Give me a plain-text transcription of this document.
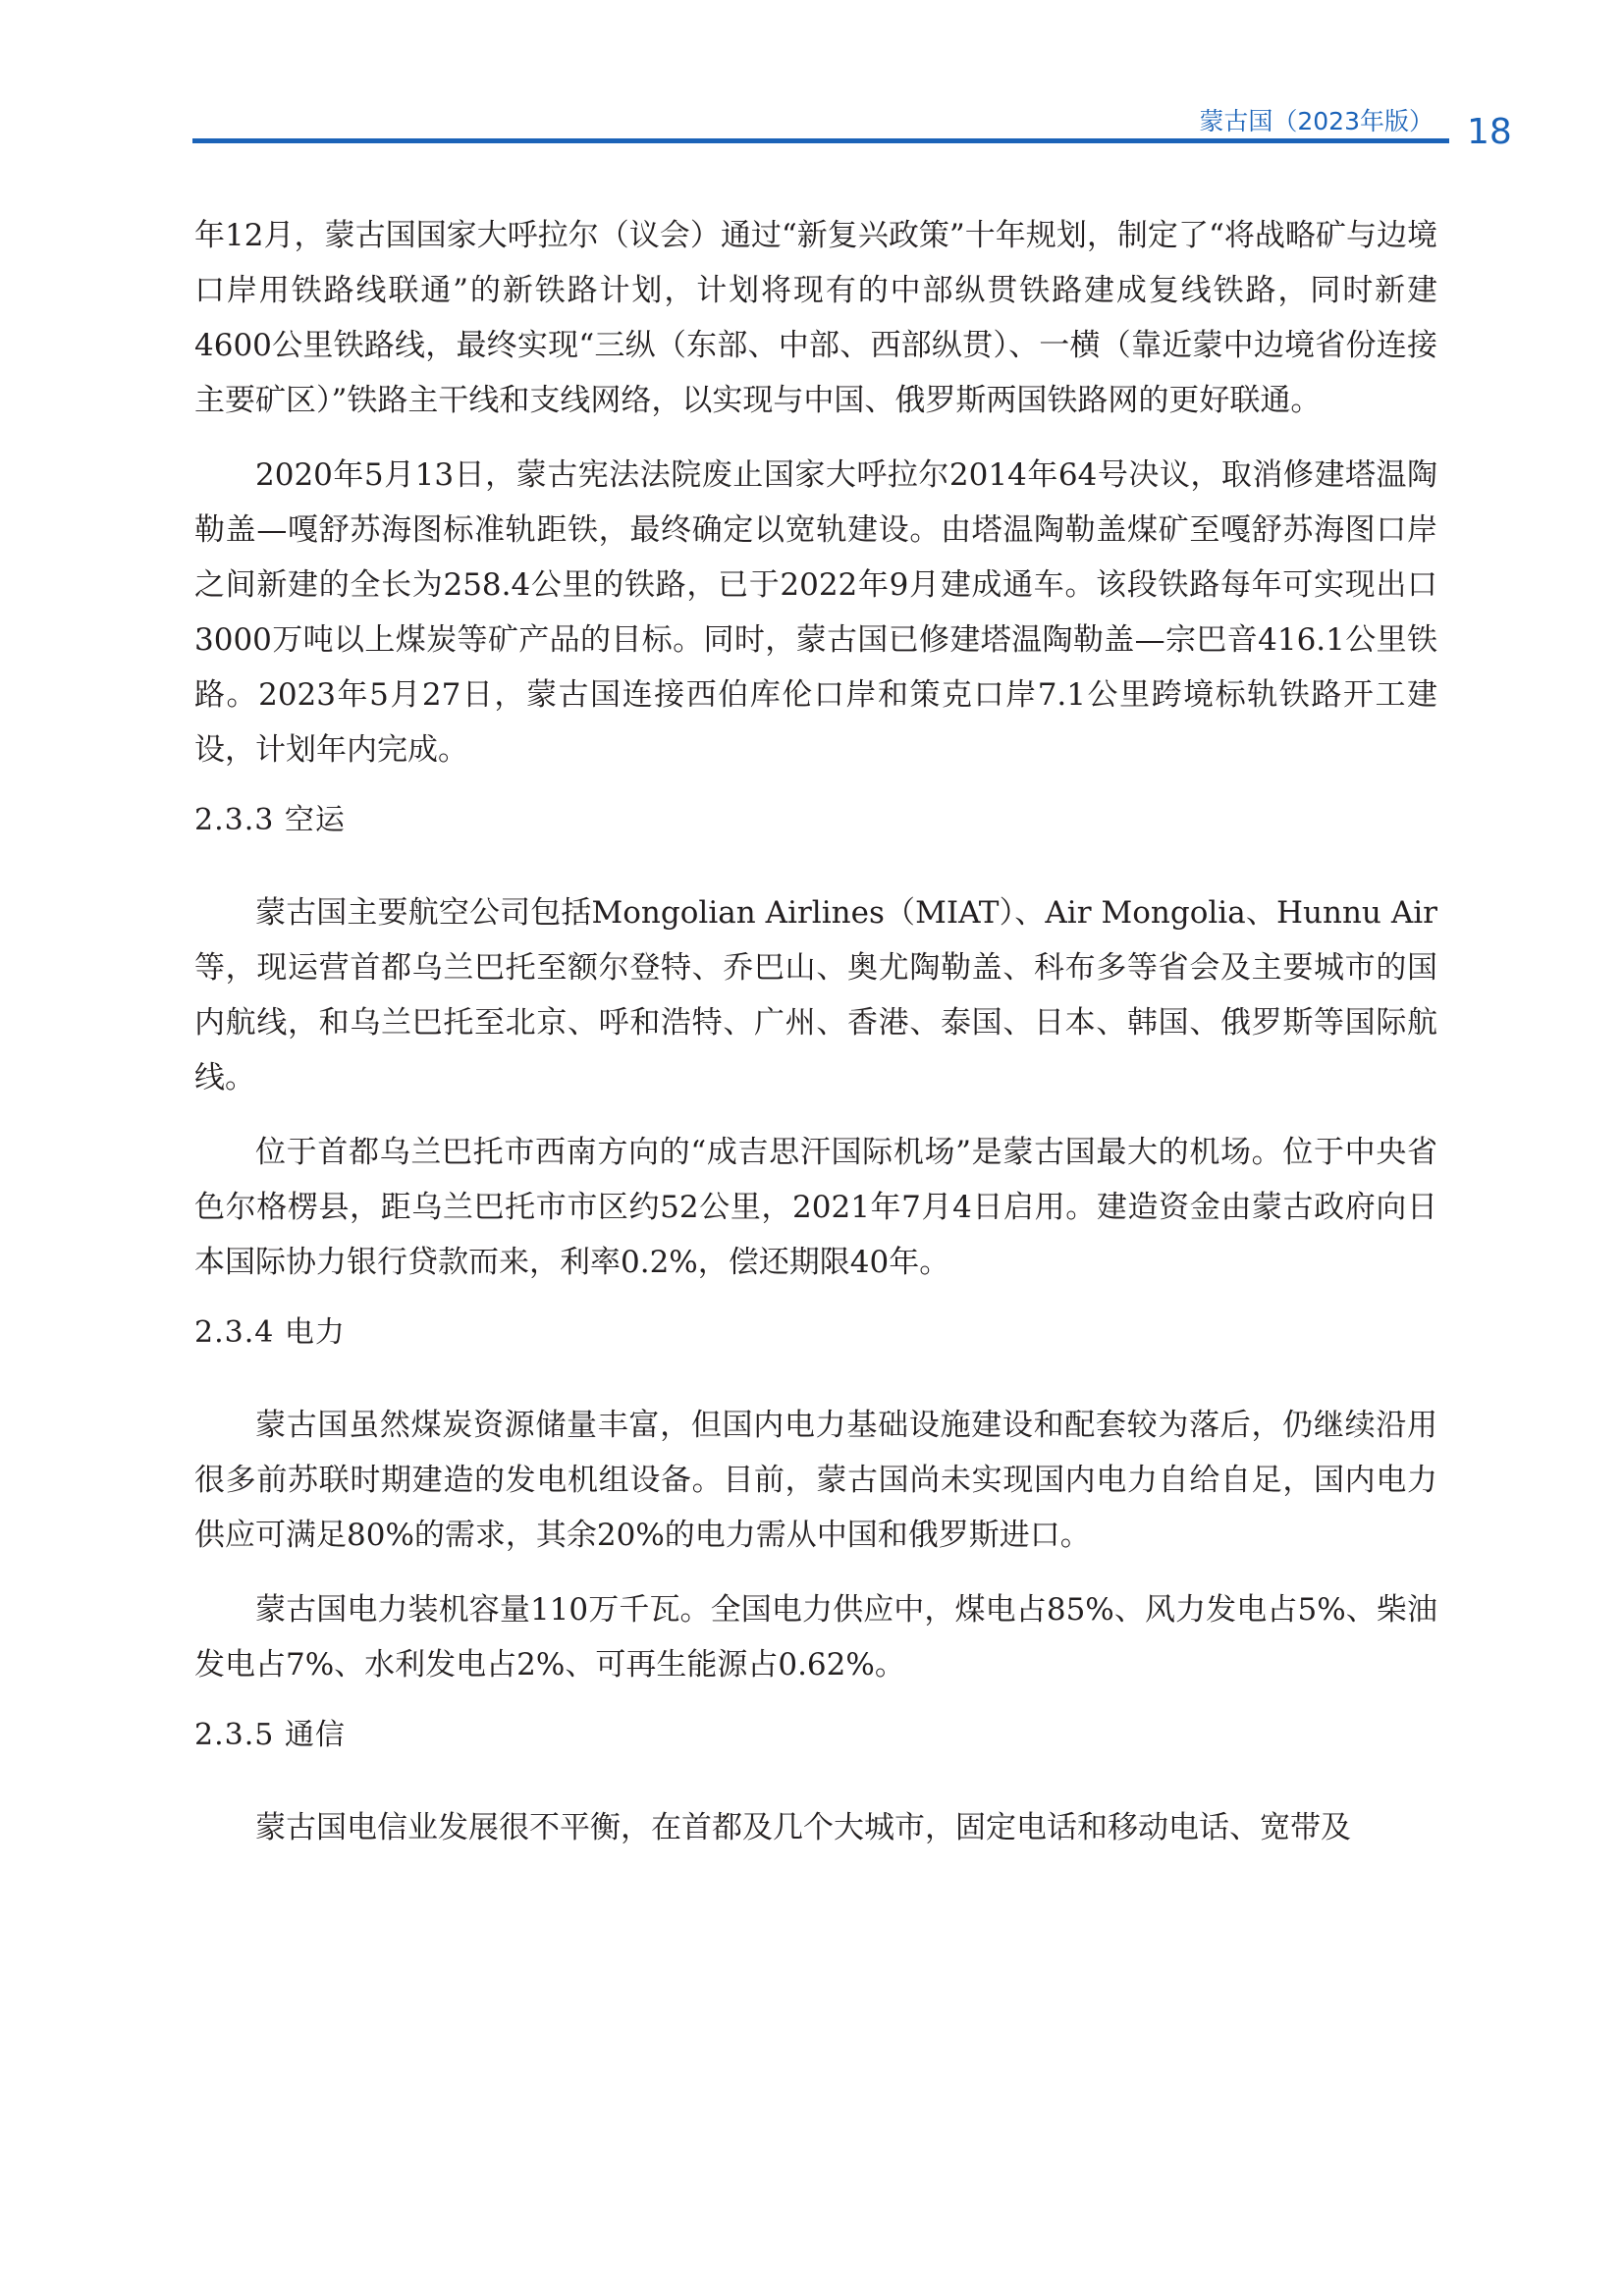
蒙古国（2023年版） 18

年12月，蒙古国国家大呼拉尔（议会）通过“新复兴政策”十年规划，制定了“将战略矿与边境口岸用铁路线联通”的新铁路计划，计划将现有的中部纵贯铁路建成复线铁路，同时新建4600公里铁路线，最终实现“三纵（东部、中部、西部纵贯）、一横（靠近蒙中边境省份连接主要矿区）”铁路主干线和支线网络，以实现与中国、俄罗斯两国铁路网的更好联通。

2020年5月13日，蒙古宪法法院废止国家大呼拉尔2014年64号决议，取消修建塔温陶勒盖—嘎舒苏海图标准轨距铁，最终确定以宽轨建设。由塔温陶勒盖煤矿至嘎舒苏海图口岸之间新建的全长为258.4公里的铁路，已于2022年9月建成通车。该段铁路每年可实现出口3000万吨以上煤炭等矿产品的目标。同时，蒙古国已修建塔温陶勒盖—宗巴音416.1公里铁路。2023年5月27日，蒙古国连接西伯库伦口岸和策克口岸7.1公里跨境标轨铁路开工建设，计划年内完成。

2.3.3 空运

蒙古国主要航空公司包括Mongolian Airlines（MIAT）、Air Mongolia、Hunnu Air等，现运营首都乌兰巴托至额尔登特、乔巴山、奥尤陶勒盖、科布多等省会及主要城市的国内航线，和乌兰巴托至北京、呼和浩特、广州、香港、泰国、日本、韩国、俄罗斯等国际航线。

位于首都乌兰巴托市西南方向的“成吉思汗国际机场”是蒙古国最大的机场。位于中央省色尔格楞县，距乌兰巴托市市区约52公里，2021年7月4日启用。建造资金由蒙古政府向日本国际协力银行贷款而来，利率0.2%，偿还期限40年。

2.3.4 电力

蒙古国虽然煤炭资源储量丰富，但国内电力基础设施建设和配套较为落后，仍继续沿用很多前苏联时期建造的发电机组设备。目前，蒙古国尚未实现国内电力自给自足，国内电力供应可满足80%的需求，其余20%的电力需从中国和俄罗斯进口。

蒙古国电力装机容量110万千瓦。全国电力供应中，煤电占85%、风力发电占5%、柴油发电占7%、水利发电占2%、可再生能源占0.62%。

2.3.5 通信

蒙古国电信业发展很不平衡，在首都及几个大城市，固定电话和移动电话、宽带及
